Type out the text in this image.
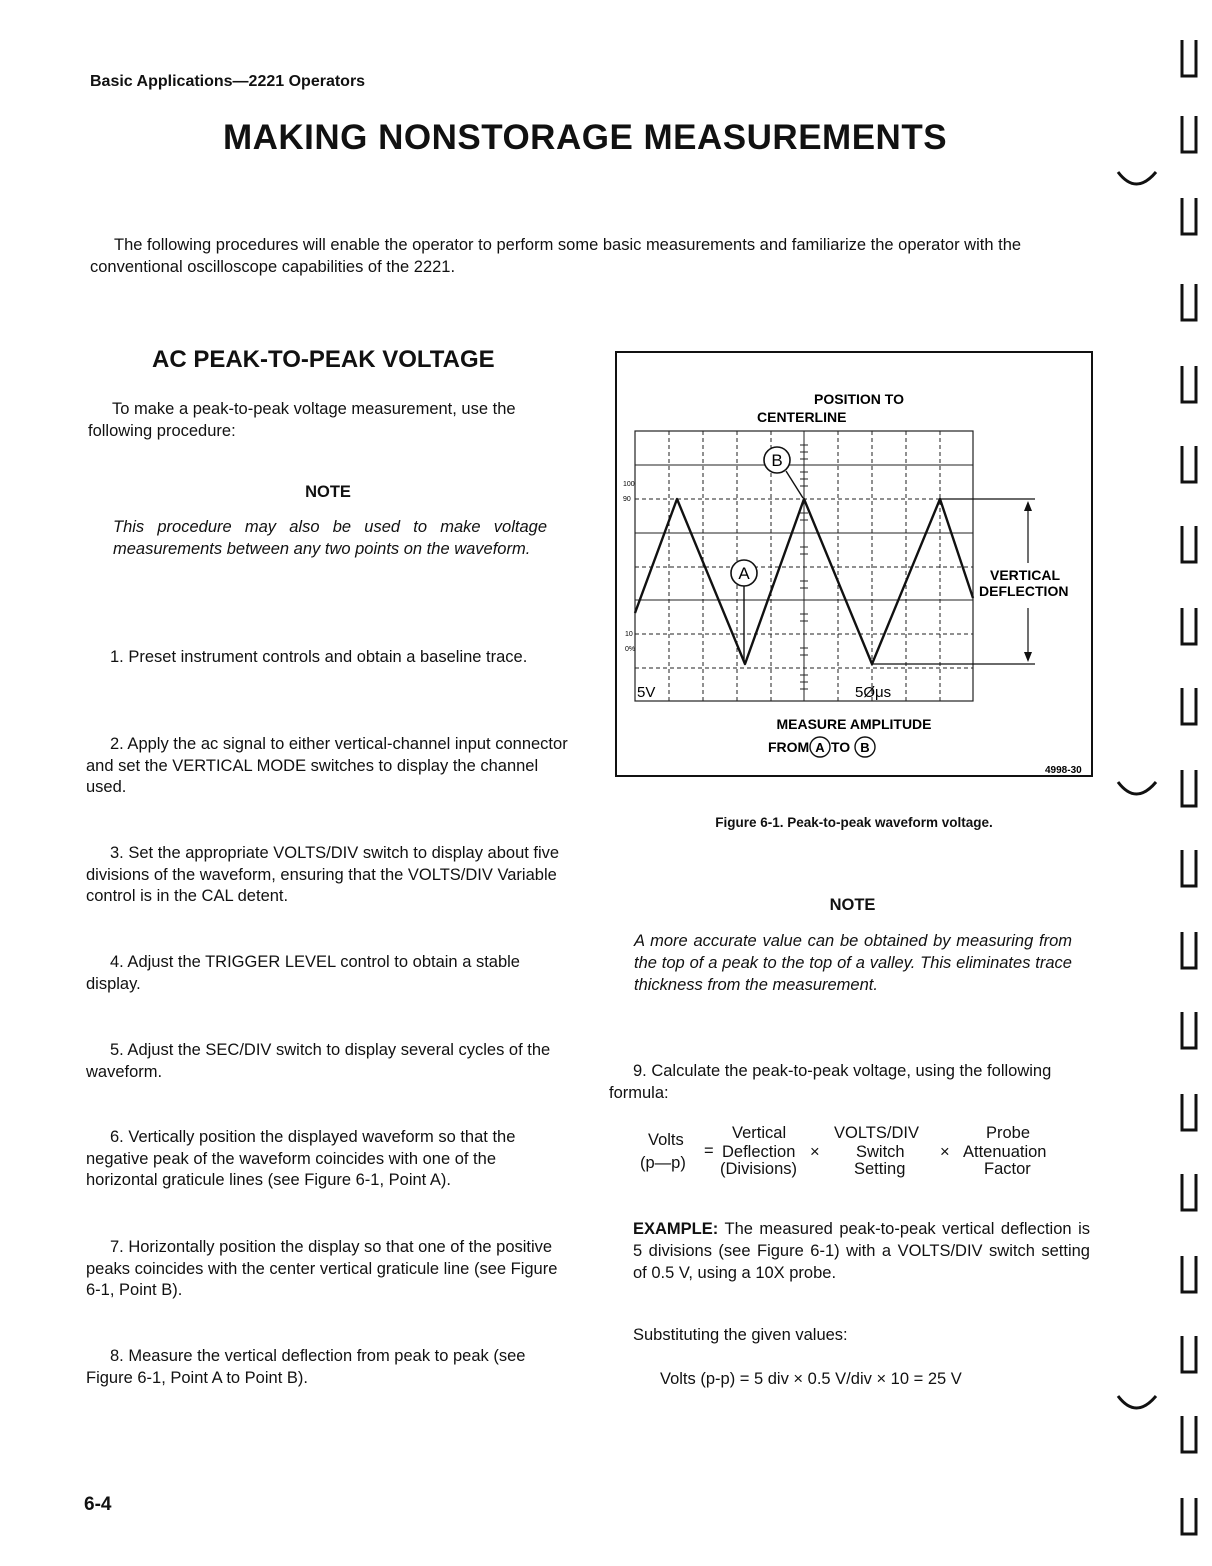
Basic Applications—2221 Operators
MAKING NONSTORAGE MEASUREMENTS
The following procedures will enable the operator to perform some basic measurements and familiarize the operator with the conventional oscilloscope capabilities of the 2221.
AC PEAK-TO-PEAK VOLTAGE
To make a peak-to-peak voltage measurement, use the following procedure:
NOTE
This procedure may also be used to make voltage measurements between any two points on the waveform.
1. Preset instrument controls and obtain a baseline trace.
2. Apply the ac signal to either vertical-channel input connector and set the VERTICAL MODE switches to display the channel used.
3. Set the appropriate VOLTS/DIV switch to display about five divisions of the waveform, ensuring that the VOLTS/DIV Variable control is in the CAL detent.
4. Adjust the TRIGGER LEVEL control to obtain a stable display.
5. Adjust the SEC/DIV switch to display several cycles of the waveform.
6. Vertically position the displayed waveform so that the negative peak of the waveform coincides with one of the horizontal graticule lines (see Figure 6-1, Point A).
7. Horizontally position the display so that one of the positive peaks coincides with the center vertical graticule line (see Figure 6-1, Point B).
8. Measure the vertical deflection from peak to peak (see Figure 6-1, Point A to Point B).
POSITION TO
CENTERLINE
100
90
10
0%
VERTICAL
DEFLECTION
B
A
5V	5Øμs
MEASURE AMPLITUDE
FROM A TO B
4998-30
Figure 6-1. Peak-to-peak waveform voltage.
NOTE
A more accurate value can be obtained by measuring from the top of a peak to the top of a valley. This eliminates trace thickness from the measurement.
9. Calculate the peak-to-peak voltage, using the following formula:
Volts
(p—p)
=
Vertical
Deflection
(Divisions)
×
VOLTS/DIV
Switch
Setting
×
Probe
Attenuation
Factor
EXAMPLE: The measured peak-to-peak vertical deflection is 5 divisions (see Figure 6-1) with a VOLTS/DIV switch setting of 0.5 V, using a 10X probe.
Substituting the given values:
Volts (p-p) = 5 div × 0.5 V/div × 10 = 25 V
6-4
